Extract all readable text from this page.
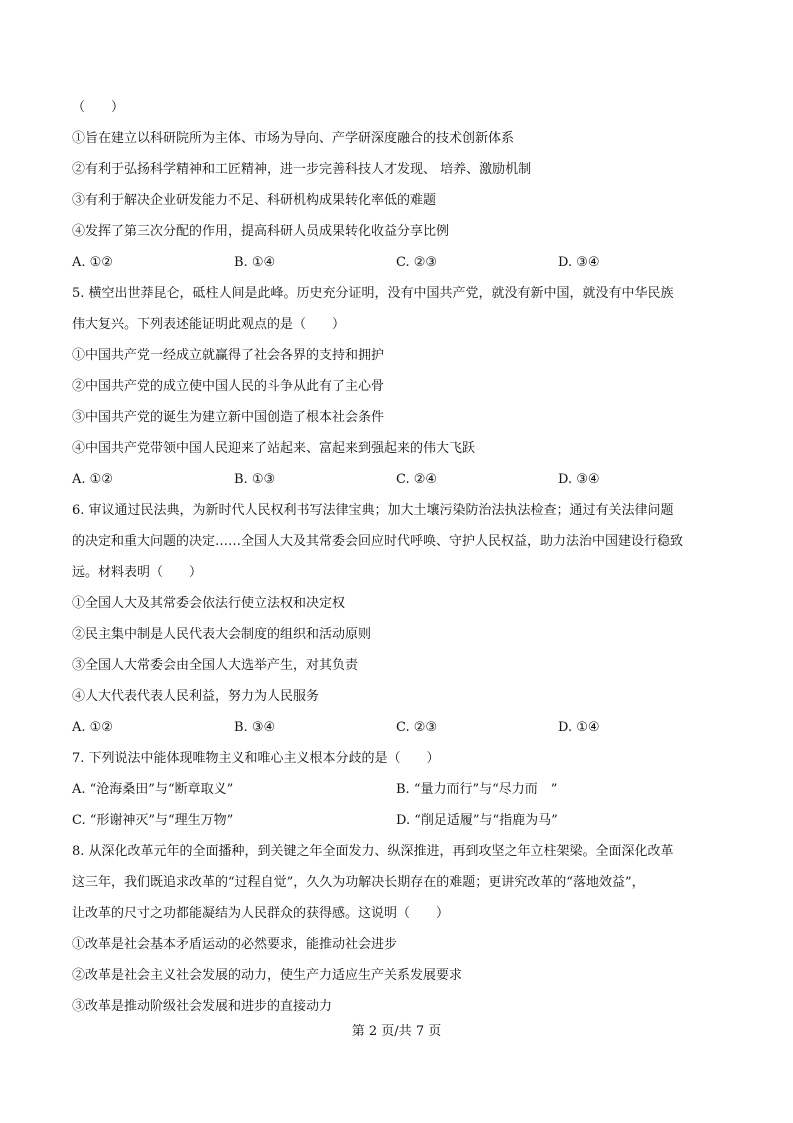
（　　）
①旨在建立以科研院所为主体、市场为导向、产学研深度融合的技术创新体系
②有利于弘扬科学精神和工匠精神，进一步完善科技人才发现、 培养、激励机制
③有利于解决企业研发能力不足、科研机构成果转化率低的难题
④发挥了第三次分配的作用，提高科研人员成果转化收益分享比例
A. ①②	B. ①④	C. ②③	D. ③④
5. 横空出世莽昆仑，砥柱人间是此峰。历史充分证明，没有中国共产党，就没有新中国，就没有中华民族
伟大复兴。下列表述能证明此观点的是（　　）
①中国共产党一经成立就赢得了社会各界的支持和拥护
②中国共产党的成立使中国人民的斗争从此有了主心骨
③中国共产党的诞生为建立新中国创造了根本社会条件
④中国共产党带领中国人民迎来了站起来、富起来到强起来的伟大飞跃
A. ①②	B. ①③	C. ②④	D. ③④
6. 审议通过民法典，为新时代人民权利书写法律宝典；加大土壤污染防治法执法检查；通过有关法律问题
的决定和重大问题的决定……全国人大及其常委会回应时代呼唤、守护人民权益，助力法治中国建设行稳致
远。材料表明（　　）
①全国人大及其常委会依法行使立法权和决定权
②民主集中制是人民代表大会制度的组织和活动原则
③全国人大常委会由全国人大选举产生，对其负责
④人大代表代表人民利益，努力为人民服务
A. ①②	B. ③④	C. ②③	D. ①④
7. 下列说法中能体现唯物主义和唯心主义根本分歧的是（　　）
A. “沧海桑田”与“断章取义”	B. “量力而行”与“尽力而　”
C. “形谢神灭”与“理生万物”	D. “削足适履”与“指鹿为马”
8. 从深化改革元年的全面播种，到关键之年全面发力、纵深推进，再到攻坚之年立柱架梁。全面深化改革
这三年，我们既追求改革的“过程自觉”，久久为功解决长期存在的难题；更讲究改革的“落地效益”，
让改革的尺寸之功都能凝结为人民群众的获得感。这说明（　　）
①改革是社会基本矛盾运动的必然要求，能推动社会进步
②改革是社会主义社会发展的动力，使生产力适应生产关系发展要求
③改革是推动阶级社会发展和进步的直接动力
第 2 页/共 7 页
